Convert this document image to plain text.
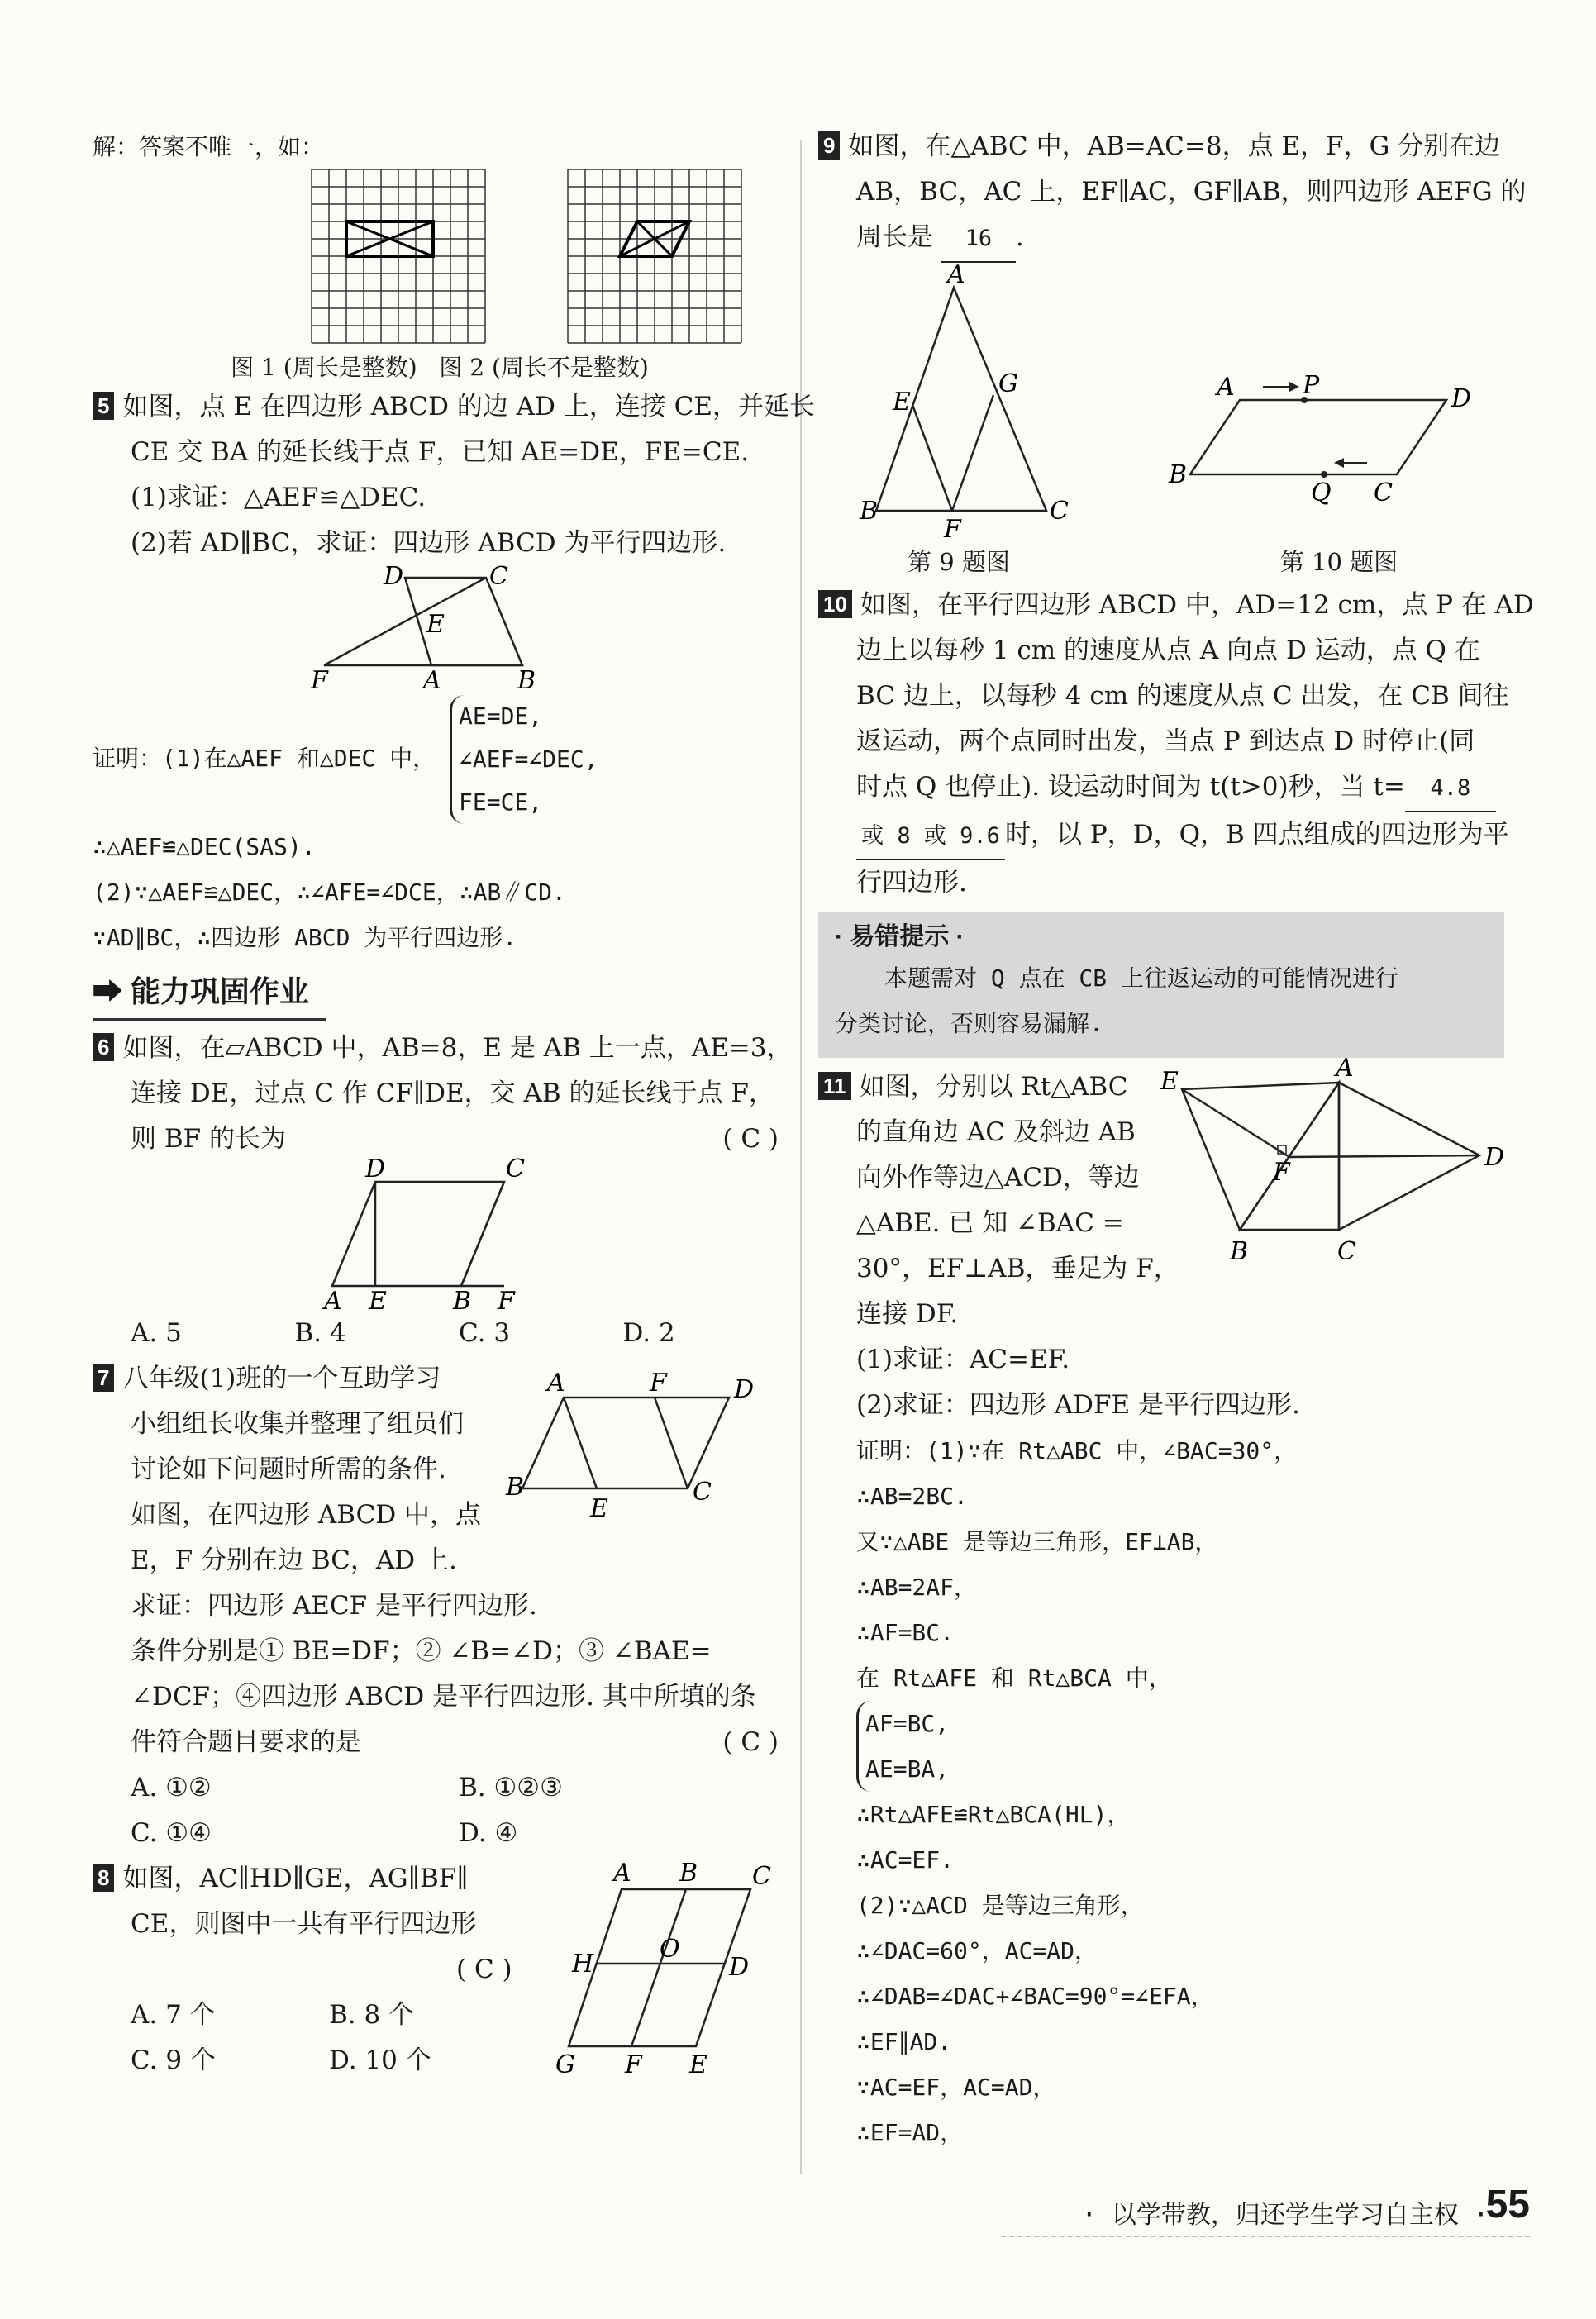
解：答案不唯一，如：
图 1 (周长是整数) 图 2 (周长不是整数)
5 如图，点 E 在四边形 ABCD 的边 AD 上，连接 CE，并延长
CE 交 BA 的延长线于点 F，已知 AE=DE，FE=CE.
(1)求证：△AEF≌△DEC.
(2)若 AD∥BC，求证：四边形 ABCD 为平行四边形.
D	C
E
F	A	B
证明：(1)在△AEF 和△DEC 中，
AE=DE,
∠AEF=∠DEC,
FE=CE,
∴△AEF≌△DEC(SAS).
(2)∵△AEF≌△DEC，∴∠AFE=∠DCE，∴AB∥CD.
∵AD∥BC，∴四边形 ABCD 为平行四边形.
➡ 能力巩固作业
6 如图，在▱ABCD 中，AB=8，E 是 AB 上一点，AE=3，
连接 DE，过点 C 作 CF∥DE，交 AB 的延长线于点 F，
则 BF 的长为	( C )
D	C
A E	B F
A. 5	B. 4	C. 3	D. 2
A	F	D
B
E
C
7 八年级(1)班的一个互助学习
小组组长收集并整理了组员们
讨论如下问题时所需的条件.
如图，在四边形 ABCD 中，点
E，F 分别在边 BC，AD 上.
求证：四边形 AECF 是平行四边形.
条件分别是① BE=DF；② ∠B=∠D；③ ∠BAE=
∠DCF；④四边形 ABCD 是平行四边形. 其中所填的条
件符合题目要求的是	( C )
A. ①②	B. ①②③
C. ①④	D. ④
A B C
H
O
D
G F E
8 如图，AC∥HD∥GE，AG∥BF∥
CE，则图中一共有平行四边形
( C )
A. 7 个	B. 8 个
C. 9 个	D. 10 个
9 如图，在△ABC 中，AB=AC=8，点 E，F，G 分别在边
AB，BC，AC 上，EF∥AC，GF∥AB，则四边形 AEFG 的
周长是 16 .
A
G
E
B
F
C
A	P	D
B
Q C
第 9 题图	第 10 题图
10 如图，在平行四边形 ABCD 中，AD=12 cm，点 P 在 AD
边上以每秒 1 cm 的速度从点 A 向点 D 运动，点 Q 在
BC 边上，以每秒 4 cm 的速度从点 C 出发，在 CB 间往
返运动，两个点同时出发，当点 P 到达点 D 时停止(同
时点 Q 也停止). 设运动时间为 t(t>0)秒，当 t= 4.8
或 8 或 9.6 时，以 P，D，Q，B 四点组成的四边形为平
行四边形.
· 易错提示 ·
本题需对 Q 点在 CB 上往返运动的可能情况进行
分类讨论，否则容易漏解.
E	A
D
F
B	C
11 如图，分别以 Rt△ABC
的直角边 AC 及斜边 AB
向外作等边△ACD，等边
△ABE. 已 知 ∠BAC =
30°，EF⊥AB，垂足为 F，
连接 DF.
(1)求证：AC=EF.
(2)求证：四边形 ADFE 是平行四边形.
证明：(1)∵在 Rt△ABC 中，∠BAC=30°，
∴AB=2BC.
又∵△ABE 是等边三角形，EF⊥AB，
∴AB=2AF，
∴AF=BC.
在 Rt△AFE 和 Rt△BCA 中，
AF=BC,
AE=BA,
∴Rt△AFE≌Rt△BCA(HL)，
∴AC=EF.
(2)∵△ACD 是等边三角形，
∴∠DAC=60°，AC=AD，
∴∠DAB=∠DAC+∠BAC=90°=∠EFA，
∴EF∥AD.
∵AC=EF，AC=AD，
∴EF=AD，
· 以学带教，归还学生学习自主权 ·
55
